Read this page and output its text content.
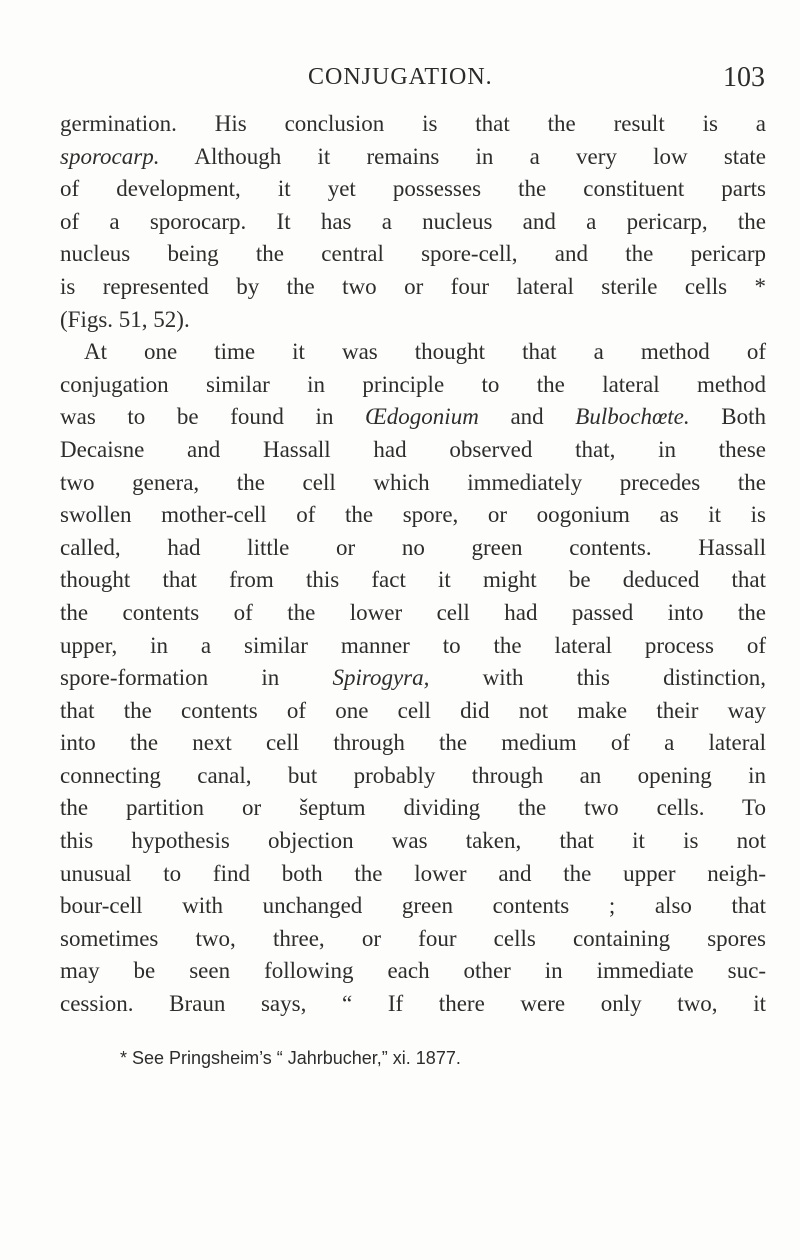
CONJUGATION.	103
germination. His conclusion is that the result is a
sporocarp. Although it remains in a very low state
of development, it yet possesses the constituent parts
of a sporocarp. It has a nucleus and a pericarp, the
nucleus being the central spore-cell, and the pericarp
is represented by the two or four lateral sterile cells *
(Figs. 51, 52).
At one time it was thought that a method of
conjugation similar in principle to the lateral method
was to be found in Œdogonium and Bulbochœte. Both
Decaisne and Hassall had observed that, in these
two genera, the cell which immediately precedes the
swollen mother-cell of the spore, or oogonium as it is
called, had little or no green contents. Hassall
thought that from this fact it might be deduced that
the contents of the lower cell had passed into the
upper, in a similar manner to the lateral process of
spore-formation in Spirogyra, with this distinction,
that the contents of one cell did not make their way
into the next cell through the medium of a lateral
connecting canal, but probably through an opening in
the partition or šeptum dividing the two cells. To
this hypothesis objection was taken, that it is not
unusual to find both the lower and the upper neigh-
bour-cell with unchanged green contents ; also that
sometimes two, three, or four cells containing spores
may be seen following each other in immediate suc-
cession. Braun says, “ If there were only two, it
* See Pringsheim’s “ Jahrbucher,” xi. 1877.
